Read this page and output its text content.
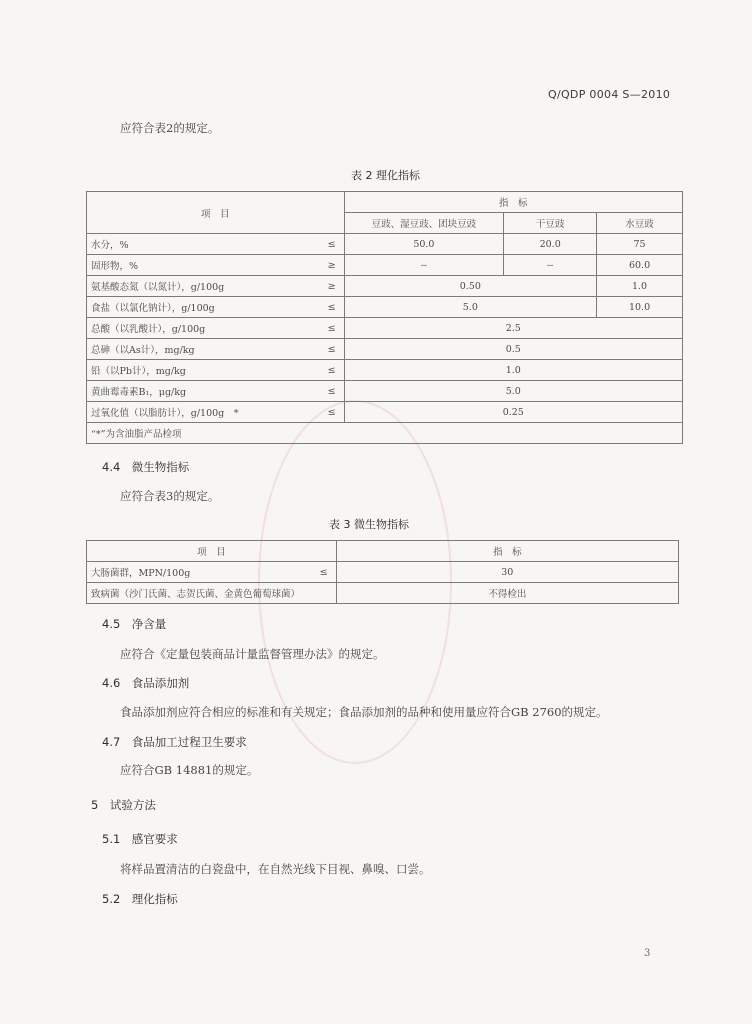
Q/QDP 0004 S—2010
应符合表2的规定。
表 2 理化指标
项　目		指　标		
		豆豉、湿豆豉、团块豆豉	干豆豉	水豆豉
水分，%	≤	50.0	20.0	75
固形物，%	≥	--	--	60.0
氨基酸态氮（以氮计），g/100g	≥	0.50		1.0
食盐（以氯化钠计），g/100g	≤	5.0		10.0
总酸（以乳酸计），g/100g	≤	2.5		
总砷（以As计），mg/kg	≤	0.5		
铅（以Pb计），mg/kg	≤	1.0		
黄曲霉毒素B₁，μg/kg	≤	5.0		
过氧化值（以脂肪计），g/100g　*	≤	0.25		
“*”为含油脂产品检项				
4.4　微生物指标
应符合表3的规定。
表 3 微生物指标
项　目		指　标
大肠菌群，MPN/100g	≤	30
致病菌（沙门氏菌、志贺氏菌、金黄色葡萄球菌）		不得检出
4.5　净含量
应符合《定量包装商品计量监督管理办法》的规定。
4.6　食品添加剂
食品添加剂应符合相应的标准和有关规定；食品添加剂的品种和使用量应符合GB 2760的规定。
4.7　食品加工过程卫生要求
应符合GB 14881的规定。
5　试验方法
5.1　感官要求
将样品置清洁的白瓷盘中，在自然光线下目视、鼻嗅、口尝。
5.2　理化指标
3
